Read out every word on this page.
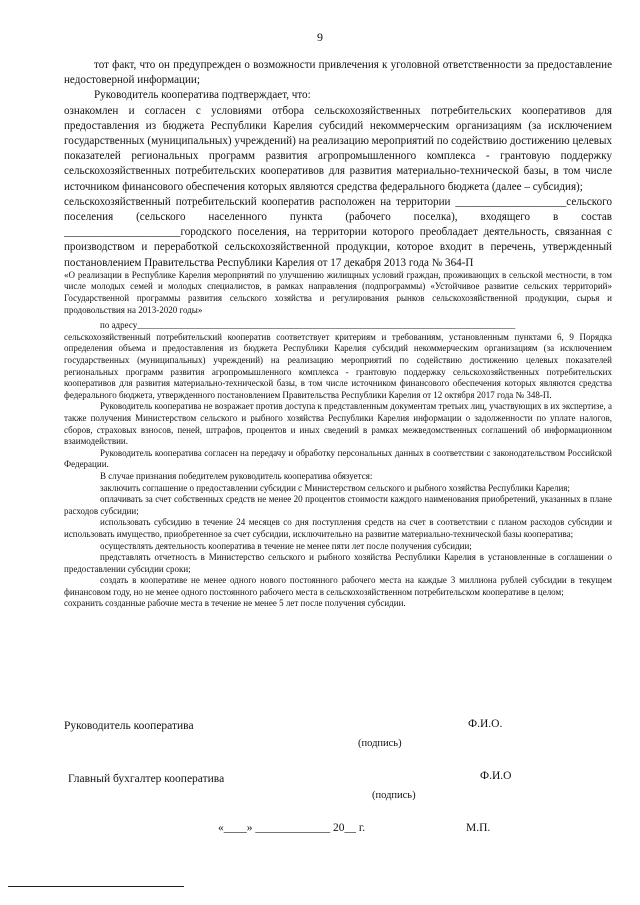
9

тот факт, что он предупрежден о возможности привлечения к уголовной ответственности за предоставление недостоверной информации;

Руководитель кооператива подтверждает, что:

ознакомлен и согласен с условиями отбора сельскохозяйственных потребительских кооперативов для предоставления из бюджета Республики Карелия субсидий некоммерческим организациям (за исключением государственных (муниципальных) учреждений) на реализацию мероприятий по содействию достижению целевых показателей региональных программ развития агропромышленного комплекса - грантовую поддержку сельскохозяйственных потребительских кооперативов для развития материально-технической базы, в том числе источником финансового обеспечения которых являются средства федерального бюджета (далее – субсидия);

сельскохозяйственный потребительский кооператив расположен на территории ____________________сельского поселения (сельского населенного пункта (рабочего поселка), входящего в состав _____________________городского поселения, на территории которого преобладает деятельность, связанная с производством и переработкой сельскохозяйственной продукции, которое входит в перечень, утвержденный постановлением Правительства Республики Карелия от 17 декабря 2013 года № 364-П

«О реализации в Республике Карелия мероприятий по улучшению жилищных условий граждан, проживающих в сельской местности, в том числе молодых семей и молодых специалистов, в рамках направления (подпрограммы) «Устойчивое развитие сельских территорий» Государственной программы развития сельского хозяйства и регулирования рынков сельскохозяйственной продукции, сырья и продовольствия на 2013-2020 годы»

по адресу____________________________________________________________________________________

сельскохозяйственный потребительский кооператив соответствует критериям и требованиям, установленным пунктами 6, 9 Порядка определения объема и предоставления из бюджета Республики Карелия субсидий некоммерческим организациям (за исключением государственных (муниципальных) учреждений) на реализацию мероприятий по содействию достижению целевых показателей региональных программ развития агропромышленного комплекса - грантовую поддержку сельскохозяйственных потребительских кооперативов для развития материально-технической базы, в том числе источником финансового обеспечения которых являются средства федерального бюджета, утвержденного постановлением Правительства Республики Карелия от 12 октября 2017 года № 348-П.

Руководитель кооператива не возражает против доступа к представленным документам третьих лиц, участвующих в их экспертизе, а также получения Министерством сельского и рыбного хозяйства Республики Карелия информации о задолженности по уплате налогов, сборов, страховых взносов, пеней, штрафов, процентов и иных сведений в рамках межведомственных соглашений об информационном взаимодействии.

Руководитель кооператива согласен на передачу и обработку персональных данных в соответствии с законодательством Российской Федерации.

В случае признания победителем руководитель кооператива обязуется:

заключить соглашение о предоставлении субсидии с Министерством сельского и рыбного хозяйства Республики Карелия;

оплачивать за счет собственных средств не менее 20 процентов стоимости каждого наименования приобретений, указанных в плане расходов субсидии;

использовать субсидию в течение 24 месяцев со дня поступления средств на счет в соответствии с планом расходов субсидии и использовать имущество, приобретенное за счет субсидии, исключительно на развитие материально-технической базы кооператива;

осуществлять деятельность кооператива в течение не менее пяти лет после получения субсидии;

представлять отчетность в Министерство сельского и рыбного хозяйства Республики Карелия в установленные в соглашении о предоставлении субсидии сроки;

создать в кооперативе не менее одного нового постоянного рабочего места на каждые 3 миллиона рублей субсидии в текущем финансовом году, но не менее одного постоянного рабочего места в сельскохозяйственном потребительском кооперативе в целом;

сохранить созданные рабочие места в течение не менее 5 лет после получения субсидии.

Руководитель кооператива	Ф.И.О.
(подпись)
Главный бухгалтер кооператива	Ф.И.О
(подпись)
«____» _____________ 20__ г.	М.П.
